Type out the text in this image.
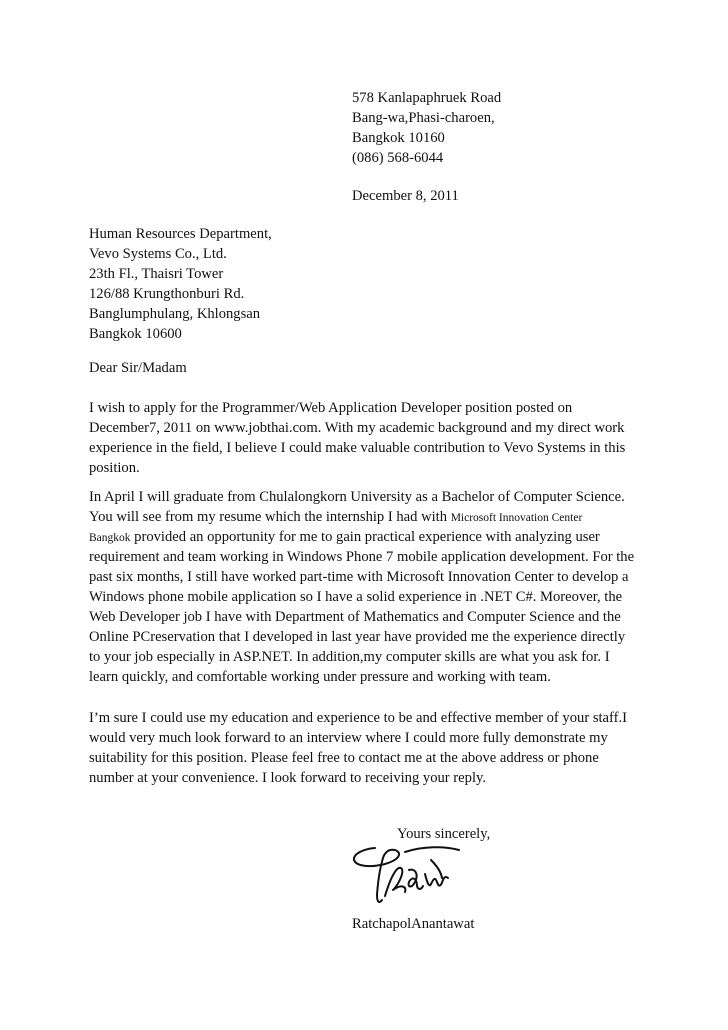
578 Kanlapaphruek Road
Bang-wa,Phasi-charoen,
Bangkok 10160
(086) 568-6044
December 8, 2011
Human Resources Department,
Vevo Systems Co., Ltd.
23th Fl., Thaisri Tower
126/88 Krungthonburi Rd.
Banglumphulang, Khlongsan
Bangkok 10600
Dear Sir/Madam
I wish to apply for the Programmer/Web Application Developer position posted on
December7, 2011 on www.jobthai.com. With my academic background and my direct work
experience in the field, I believe I could make valuable contribution to Vevo Systems in this
position.
In April I will graduate from Chulalongkorn University as a Bachelor of Computer Science.
You will see from my resume which the internship I had with Microsoft Innovation Center
Bangkok provided an opportunity for me to gain practical experience with analyzing user
requirement and team working in Windows Phone 7 mobile application development. For the
past six months, I still have worked part-time with Microsoft Innovation Center to develop a
Windows phone mobile application so I have a solid experience in .NET C#. Moreover, the
Web Developer job I have with Department of Mathematics and Computer Science and the
Online PCreservation that I developed in last year have provided me the experience directly
to your job especially in ASP.NET. In addition,my computer skills are what you ask for. I
learn quickly, and comfortable working under pressure and working with team.
I’m sure I could use my education and experience to be and effective member of your staff.I
would very much look forward to an interview where I could more fully demonstrate my
suitability for this position. Please feel free to contact me at the above address or phone
number at your convenience. I look forward to receiving your reply.
Yours sincerely,
RatchapolAnantawat
